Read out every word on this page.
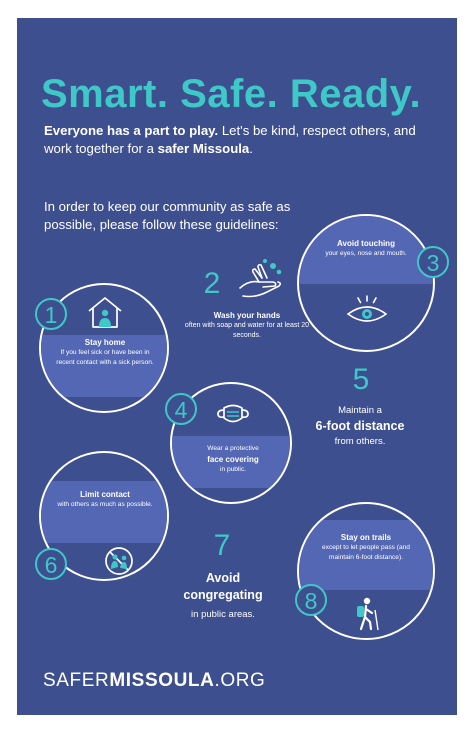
Smart. Safe. Ready.

Everyone has a part to play. Let's be kind, respect others, and work together for a safer Missoula.

In order to keep our community as safe as possible, please follow these guidelines:

Avoid touching
your eyes, nose and mouth. 3
2
Wash your hands
often with soap and water for at least 20 seconds.
Stay home
If you feel sick or have been in recent contact with a sick person.
1
5
Maintain a
6-foot distance
from others.
Wear a protective
face covering
in public.
4
Limit contact
with others as much as possible.
6
7
Avoid congregating
in public areas.
Stay on trails
except to let people pass (and maintain 6-foot distance).
8

SAFERMISSOULA.ORG
